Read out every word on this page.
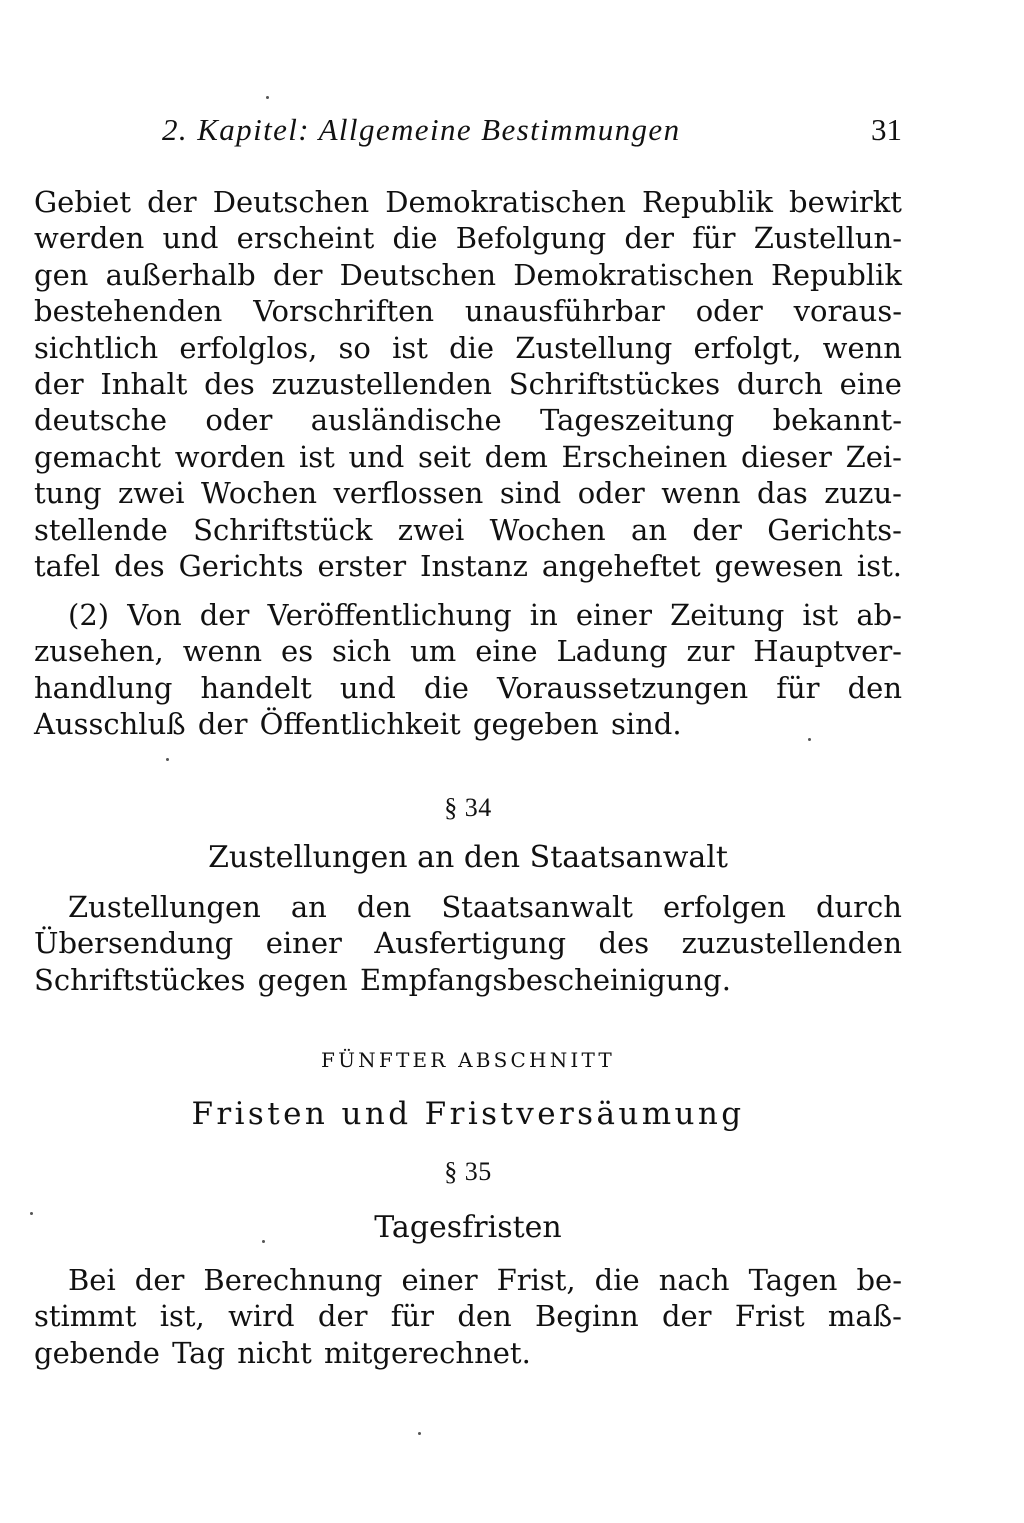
2. Kapitel: Allgemeine Bestimmungen	31
Gebiet der Deutschen Demokratischen Republik bewirkt
werden und erscheint die Befolgung der für Zustellun-
gen außerhalb der Deutschen Demokratischen Republik
bestehenden Vorschriften unausführbar oder voraus-
sichtlich erfolglos, so ist die Zustellung erfolgt, wenn
der Inhalt des zuzustellenden Schriftstückes durch eine
deutsche oder ausländische Tageszeitung bekannt-
gemacht worden ist und seit dem Erscheinen dieser Zei-
tung zwei Wochen verflossen sind oder wenn das zuzu-
stellende Schriftstück zwei Wochen an der Gerichts-
tafel des Gerichts erster Instanz angeheftet gewesen ist.
(2) Von der Veröffentlichung in einer Zeitung ist ab-
zusehen, wenn es sich um eine Ladung zur Hauptver-
handlung handelt und die Voraussetzungen für den
Ausschluß der Öffentlichkeit gegeben sind.
§ 34
Zustellungen an den Staatsanwalt
Zustellungen an den Staatsanwalt erfolgen durch
Übersendung einer Ausfertigung des zuzustellenden
Schriftstückes gegen Empfangsbescheinigung.
FÜNFTER ABSCHNITT
Fristen und Fristversäumung
§ 35
Tagesfristen
Bei der Berechnung einer Frist, die nach Tagen be-
stimmt ist, wird der für den Beginn der Frist maß-
gebende Tag nicht mitgerechnet.
